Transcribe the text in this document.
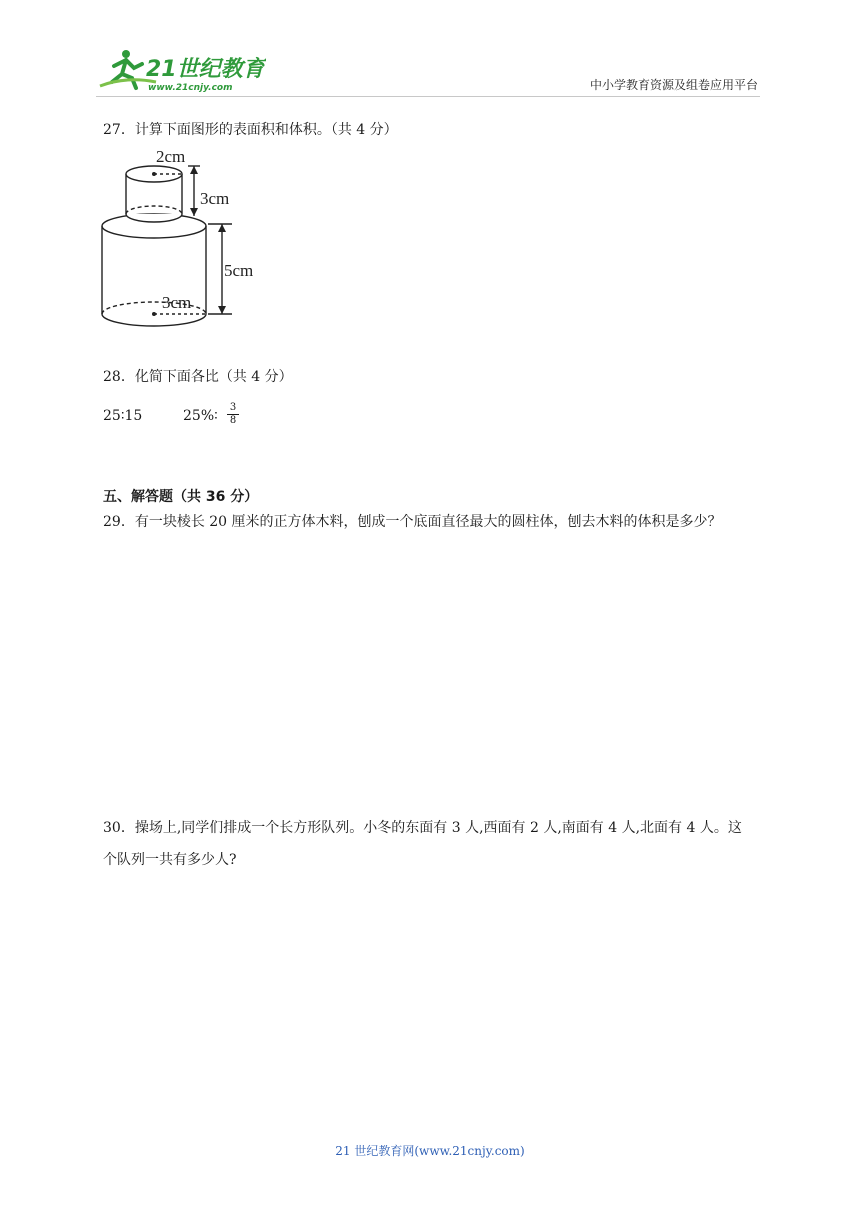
21世纪教育
www.21cnjy.com	中小学教育资源及组卷应用平台
27．计算下面图形的表面积和体积。（共 4 分）
2cm
3cm
5cm
3cm
28．化简下面各比（共 4 分）
25∶15	25%∶ $\frac{3}{8}$
五、解答题（共 36 分）
29．有一块棱长 20 厘米的正方体木料，刨成一个底面直径最大的圆柱体，刨去木料的体积是多少？
30．操场上,同学们排成一个长方形队列。小冬的东面有 3 人,西面有 2 人,南面有 4 人,北面有 4 人。这
个队列一共有多少人?
21 世纪教育网(www.21cnjy.com)
